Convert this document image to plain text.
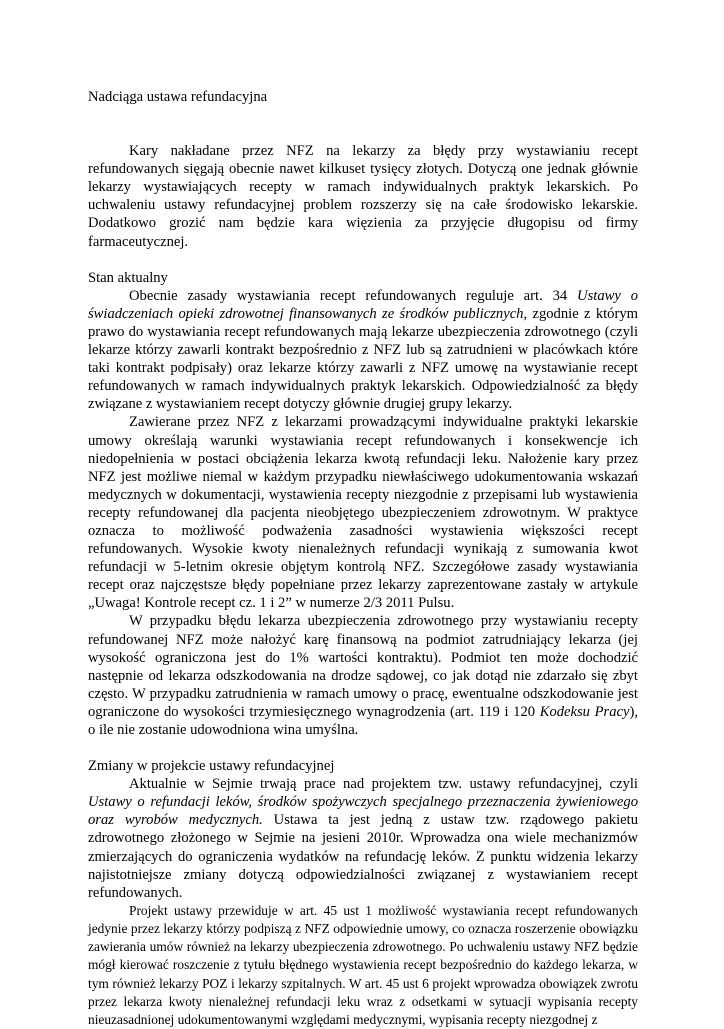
Nadciąga ustawa refundacyjna

Kary nakładane przez NFZ na lekarzy za błędy przy wystawianiu recept refundowanych sięgają obecnie nawet kilkuset tysięcy złotych. Dotyczą one jednak głównie lekarzy wystawiających recepty w ramach indywidualnych praktyk lekarskich. Po uchwaleniu ustawy refundacyjnej problem rozszerzy się na całe środowisko lekarskie. Dodatkowo grozić nam będzie kara więzienia za przyjęcie długopisu od firmy farmaceutycznej.

Stan aktualny

Obecnie zasady wystawiania recept refundowanych reguluje art. 34 Ustawy o świadczeniach opieki zdrowotnej finansowanych ze środków publicznych, zgodnie z którym prawo do wystawiania recept refundowanych mają lekarze ubezpieczenia zdrowotnego (czyli lekarze którzy zawarli kontrakt bezpośrednio z NFZ lub są zatrudnieni w placówkach które taki kontrakt podpisały) oraz lekarze którzy zawarli z NFZ umowę na wystawianie recept refundowanych w ramach indywidualnych praktyk lekarskich. Odpowiedzialność za błędy związane z wystawianiem recept dotyczy głównie drugiej grupy lekarzy.

Zawierane przez NFZ z lekarzami prowadzącymi indywidualne praktyki lekarskie umowy określają warunki wystawiania recept refundowanych i konsekwencje ich niedopełnienia w postaci obciążenia lekarza kwotą refundacji leku. Nałożenie kary przez NFZ jest możliwe niemal w każdym przypadku niewłaściwego udokumentowania wskazań medycznych w dokumentacji, wystawienia recepty niezgodnie z przepisami lub wystawienia recepty refundowanej dla pacjenta nieobjętego ubezpieczeniem zdrowotnym. W praktyce oznacza to możliwość podważenia zasadności wystawienia większości recept refundowanych. Wysokie kwoty nienależnych refundacji wynikają z sumowania kwot refundacji w 5-letnim okresie objętym kontrolą NFZ. Szczegółowe zasady wystawiania recept oraz najczęstsze błędy popełniane przez lekarzy zaprezentowane zastały w artykule „Uwaga! Kontrole recept cz. 1 i 2” w numerze 2/3 2011 Pulsu.

W przypadku błędu lekarza ubezpieczenia zdrowotnego przy wystawianiu recepty refundowanej NFZ może nałożyć karę finansową na podmiot zatrudniający lekarza (jej wysokość ograniczona jest do 1% wartości kontraktu). Podmiot ten może dochodzić następnie od lekarza odszkodowania na drodze sądowej, co jak dotąd nie zdarzało się zbyt często. W przypadku zatrudnienia w ramach umowy o pracę, ewentualne odszkodowanie jest ograniczone do wysokości trzymiesięcznego wynagrodzenia (art. 119 i 120 Kodeksu Pracy), o ile nie zostanie udowodniona wina umyślna.

Zmiany w projekcie ustawy refundacyjnej

Aktualnie w Sejmie trwają prace nad projektem tzw. ustawy refundacyjnej, czyli Ustawy o refundacji leków, środków spożywczych specjalnego przeznaczenia żywieniowego oraz wyrobów medycznych. Ustawa ta jest jedną z ustaw tzw. rządowego pakietu zdrowotnego złożonego w Sejmie na jesieni 2010r. Wprowadza ona wiele mechanizmów zmierzających do ograniczenia wydatków na refundację leków. Z punktu widzenia lekarzy najistotniejsze zmiany dotyczą odpowiedzialności związanej z wystawianiem recept refundowanych.

Projekt ustawy przewiduje w art. 45 ust 1 możliwość wystawiania recept refundowanych jedynie przez lekarzy którzy podpiszą z NFZ odpowiednie umowy, co oznacza roszerzenie obowiązku zawierania umów również na lekarzy ubezpieczenia zdrowotnego. Po uchwaleniu ustawy NFZ będzie mógł kierować roszczenie z tytułu błędnego wystawienia recept bezpośrednio do każdego lekarza, w tym również lekarzy POZ i lekarzy szpitalnych. W art. 45 ust 6 projekt wprowadza obowiązek zwrotu przez lekarza kwoty nienależnej refundacji leku wraz z odsetkami w sytuacji wypisania recepty nieuzasadnionej udokumentowanymi względami medycznymi, wypisania recepty niezgodnej z
